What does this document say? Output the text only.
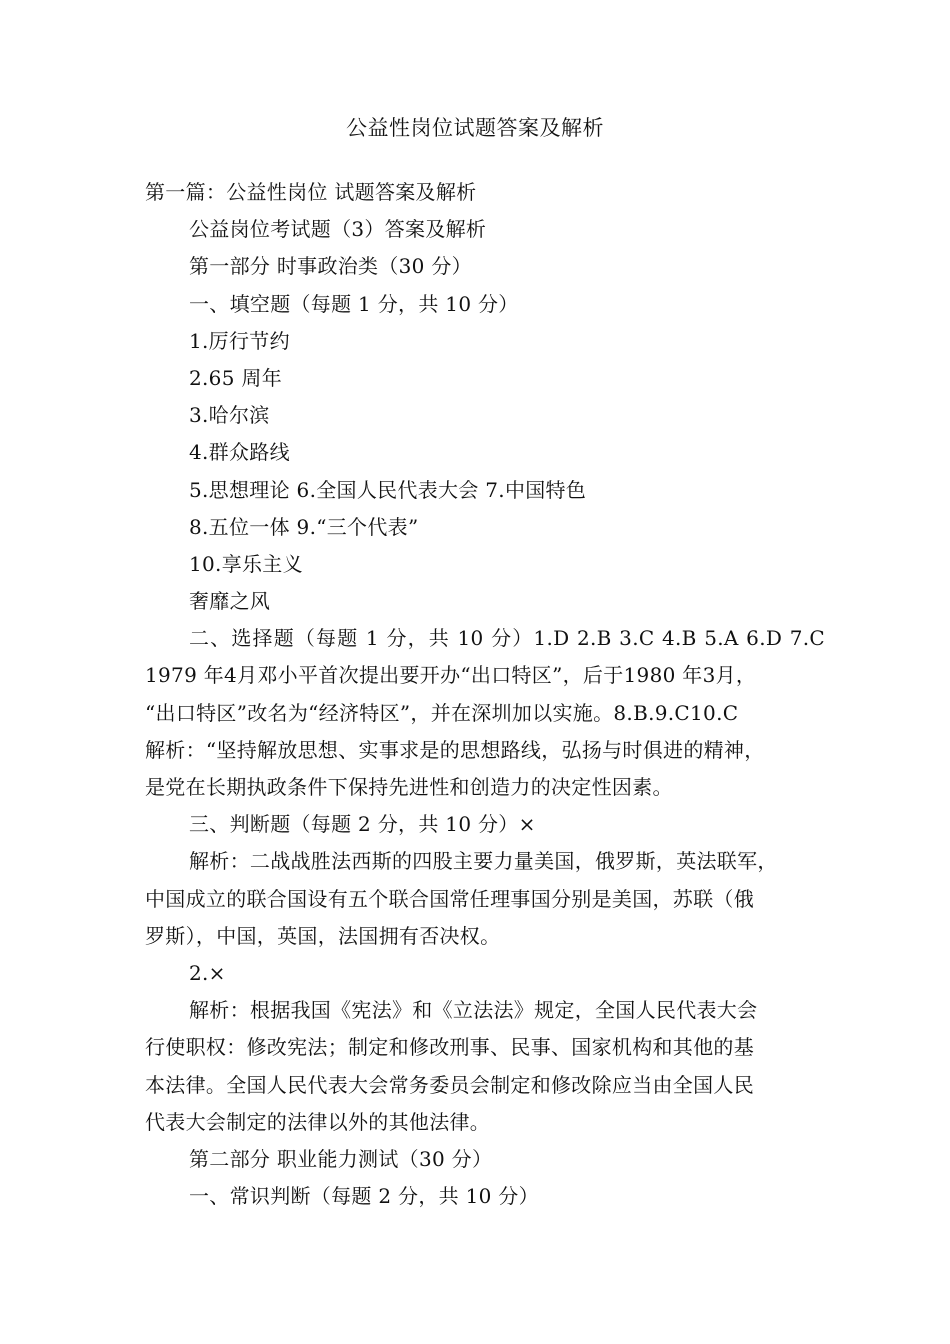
公益性岗位试题答案及解析
第一篇：公益性岗位 试题答案及解析
公益岗位考试题（3）答案及解析
第一部分 时事政治类（30 分）
一、填空题（每题 1 分，共 10 分）
1.厉行节约
2.65 周年
3.哈尔滨
4.群众路线
5.思想理论 6.全国人民代表大会 7.中国特色
8.五位一体 9.“三个代表”
10.享乐主义
奢靡之风
二、选择题（每题 1 分，共 10 分）1.D 2.B 3.C 4.B 5.A 6.D 7.C
1979 年4月邓小平首次提出要开办“出口特区”，后于1980 年3月，
“出口特区”改名为“经济特区”，并在深圳加以实施。8.B.9.C10.C
解析：“坚持解放思想、实事求是的思想路线，弘扬与时俱进的精神，
是党在长期执政条件下保持先进性和创造力的决定性因素。
三、判断题（每题 2 分，共 10 分）×
解析：二战战胜法西斯的四股主要力量美国，俄罗斯，英法联军，
中国成立的联合国设有五个联合国常任理事国分别是美国，苏联（俄
罗斯），中国，英国，法国拥有否决权。
2.×
解析：根据我国《宪法》和《立法法》规定，全国人民代表大会
行使职权：修改宪法；制定和修改刑事、民事、国家机构和其他的基
本法律。全国人民代表大会常务委员会制定和修改除应当由全国人民
代表大会制定的法律以外的其他法律。
第二部分 职业能力测试（30 分）
一、常识判断（每题 2 分，共 10 分）
